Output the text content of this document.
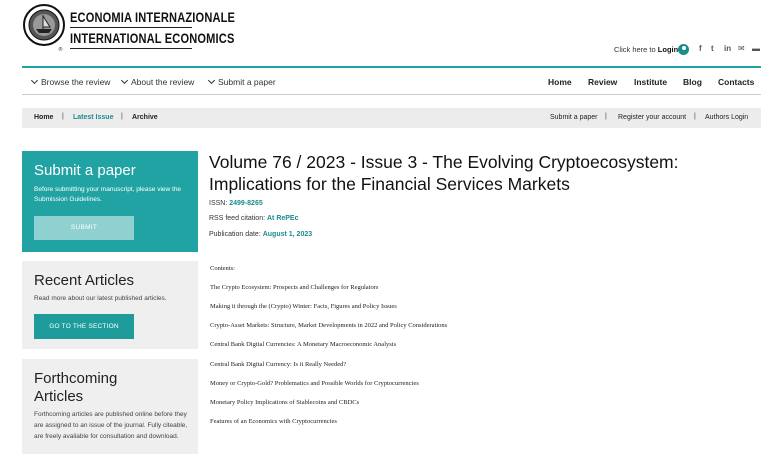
®
ECONOMIA INTERNAZIONALE
INTERNATIONAL ECONOMICS
Click here to Login	f t in ✉ ▬
Browse the review	About the review	Submit a paper	Home Review Institute Blog Contacts
Home | Latest Issue | Archive	Submit a paper | Register your account | Authors Login
Submit a paper

Before submitting your manuscript, please view the Submission Guidelines.

SUBMIT
Recent Articles

Read more about our latest published articles.

GO TO THE SECTION
Forthcoming Articles

Forthcoming articles are published online before they are assigned to an issue of the journal. Fully citeable, are freely available for consultation and download.

Volume 76 / 2023 - Issue 3 - The Evolving Cryptoecosystem: Implications for the Financial Services Markets
ISSN: 2499-8265
RSS feed citation: At RePEc
Publication date: August 1, 2023
Contents:
The Crypto Ecosystem: Prospects and Challenges for Regulators
Making it through the (Crypto) Winter: Facts, Figures and Policy Issues
Crypto-Asset Markets: Structure, Market Developments in 2022 and Policy Considerations
Central Bank Digital Currencies: A Monetary Macroeconomic Analysis
Central Bank Digital Currency: Is it Really Needed?
Money or Crypto-Gold? Problematics and Possible Worlds for Cryptocurrencies
Monetary Policy Implications of Stablecoins and CBDCs
Features of an Economics with Cryptocurrencies
